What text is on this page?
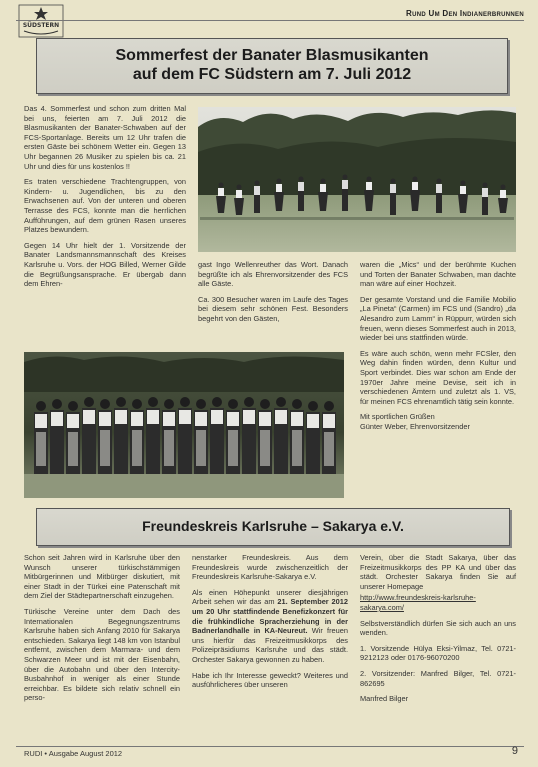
SÜDSTERN
Rund Um Den Indianerbrunnen
Sommerfest der Banater Blasmusikanten
auf dem FC Südstern am 7. Juli 2012

Das 4. Sommerfest und schon zum dritten Mal bei uns, feierten am 7. Juli 2012 die Blasmusikanten der Banater-Schwaben auf der FCS-Sportanlage. Bereits um 12 Uhr trafen die ersten Gäste bei schönem Wetter ein. Gegen 13 Uhr begannen 26 Musiker zu spielen bis ca. 21 Uhr und dies für uns kostenlos !!

Es traten verschiedene Trachtengruppen, von Kindern- u. Jugendlichen, bis zu den Erwachsenen auf. Von der unteren und oberen Terrasse des FCS, konnte man die herrlichen Aufführungen, auf dem grünen Rasen unseres Platzes bewundern.

Gegen 14 Uhr hielt der 1. Vorsitzende der Banater Landsmannsmannschaft des Kreises Karlsruhe u. Vors. der HOG Billed, Werner Gilde die Begrüßungsansprache. Er übergab dann dem Ehren-

gast Ingo Wellenreuther das Wort. Danach begrüßte ich als Ehrenvorsitzender des FCS alle Gäste.

Ca. 300 Besucher waren im Laufe des Tages bei diesem sehr schönen Fest. Besonders begehrt von den Gästen,

waren die „Mics“ und der berühmte Kuchen und Torten der Banater Schwaben, man dachte man wäre auf einer Hochzeit.

Der gesamte Vorstand und die Familie Mobilio „La Pineta“ (Carmen) im FCS und (Sandro) „da Alesandro zum Lamm“ in Rüppurr, würden sich freuen, wenn dieses Sommerfest auch in 2013, wieder bei uns stattfinden würde.

Es wäre auch schön, wenn mehr FCSler, den Weg dahin finden würden, denn Kultur und Sport verbindet. Dies war schon am Ende der 1970er Jahre meine Devise, seit ich in verschiedenen Ämtern und zuletzt als 1. VS, für meinen FCS ehrenamtlich tätig sein konnte.

Mit sportlichen Grüßen

Günter Weber, Ehrenvorsitzender

Freundeskreis Karlsruhe – Sakarya e.V.

Schon seit Jahren wird in Karlsruhe über den Wunsch unserer türkischstämmigen Mitbürgerinnen und Mitbürger diskutiert, mit einer Stadt in der Türkei eine Patenschaft mit dem Ziel der Städtepartnerschaft einzugehen.

Türkische Vereine unter dem Dach des Internationalen Begegnungszentrums Karlsruhe haben sich Anfang 2010 für Sakarya entschieden. Sakarya liegt 148 km von Istanbul entfernt, zwischen dem Marmara- und dem Schwarzen Meer und ist mit der Eisenbahn, über die Autobahn und über den Intercity-Busbahnhof in weniger als einer Stunde erreichbar. Es bildete sich relativ schnell ein perso-

nenstarker Freundeskreis. Aus dem Freundeskreis wurde zwischenzeitlich der Freundeskreis Karlsruhe-Sakarya e.V.

Als einen Höhepunkt unserer diesjährigen Arbeit sehen wir das am 21. September 2012 um 20 Uhr stattfindende Benefizkonzert für die frühkindliche Spracherziehung in der Badnerlandhalle in KA-Neureut. Wir freuen uns hierfür das Freizeitmusikkorps des Polizeipräsidiums Karlsruhe und das städt. Orchester Sakarya gewonnen zu haben.

Habe ich Ihr Interesse geweckt? Weiteres und ausführlicheres über unseren

Verein, über die Stadt Sakarya, über das Freizeitmusikkorps des PP KA und über das städt. Orchester Sakarya finden Sie auf unserer Homepage

http://www.freundeskreis-karlsruhe-sakarya.com/

Selbstverständlich dürfen Sie sich auch an uns wenden.

1. Vorsitzende Hülya Eksi-Yilmaz, Tel. 0721-9212123 oder 0176-96070200

2. Vorsitzender: Manfred Bilger, Tel. 0721-862695

Manfred Bilger

RUDI • Ausgabe August 2012	9
